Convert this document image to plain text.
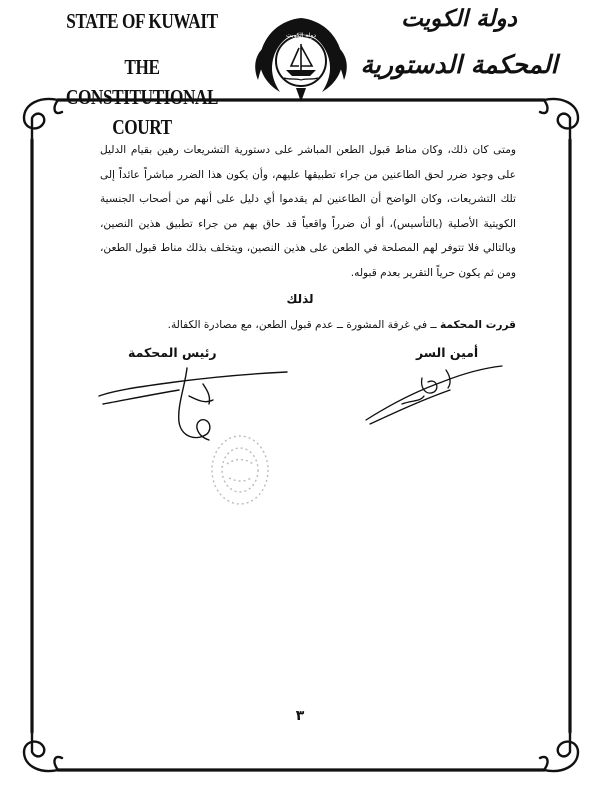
STATE OF KUWAIT
THE CONSTITUTIONAL COURT
دولة الكويت
دولة الكويت
المحكمة الدستورية
ومتى كان ذلك، وكان مناط قبول الطعن المباشر على دستورية التشريعات رهين بقيام الدليل على وجود ضرر لحق الطاعنين من جراء تطبيقها عليهم، وأن يكون هذا الضرر مباشراً عائداً إلى تلك التشريعات، وكان الواضح أن الطاعنين لم يقدموا أي دليل على أنهم من أصحاب الجنسية الكويتية الأصلية (بالتأسيس)، أو أن ضرراً واقعياً قد حاق بهم من جراء تطبيق هذين النصين، وبالتالي فلا تتوفر لهم المصلحة في الطعن على هذين النصين، ويتخلف بذلك مناط قبول الطعن، ومن ثم يكون حرياً التقرير بعدم قبوله.
لذلك
قررت المحكمة ــ في غرفة المشورة ــ عدم قبول الطعن، مع مصادرة الكفالة.
رئيس المحكمة	أمين السر
٣
